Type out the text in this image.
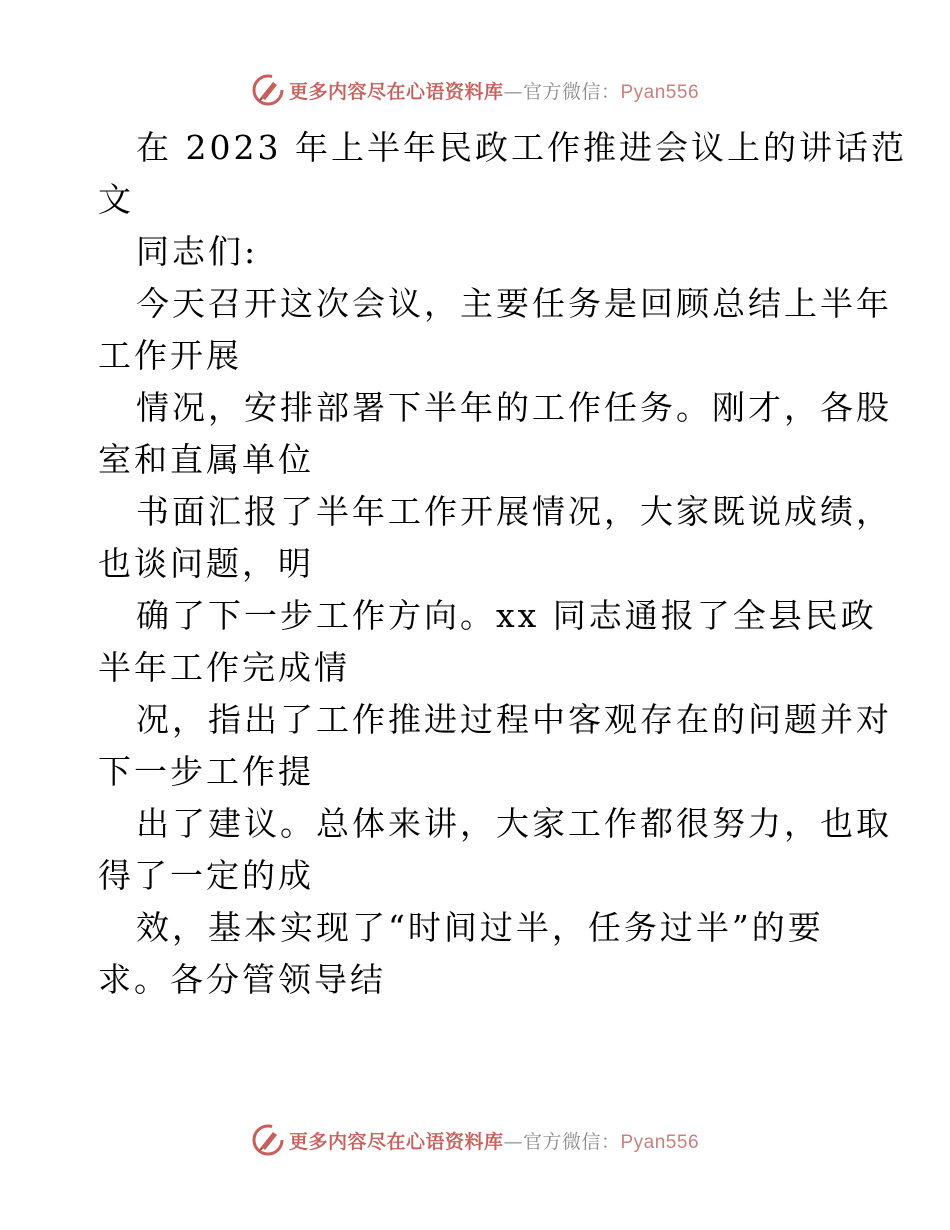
更多内容尽在心语资料库—官方微信：Pyan556
在 2023 年上半年民政工作推进会议上的讲话范
文
同志们:
今天召开这次会议，主要任务是回顾总结上半年
工作开展
情况，安排部署下半年的工作任务。刚才，各股
室和直属单位
书面汇报了半年工作开展情况，大家既说成绩，
也谈问题，明
确了下一步工作方向。xx 同志通报了全县民政
半年工作完成情
况，指出了工作推进过程中客观存在的问题并对
下一步工作提
出了建议。总体来讲，大家工作都很努力，也取
得了一定的成
效，基本实现了“时间过半，任务过半”的要
求。各分管领导结
更多内容尽在心语资料库—官方微信：Pyan556
